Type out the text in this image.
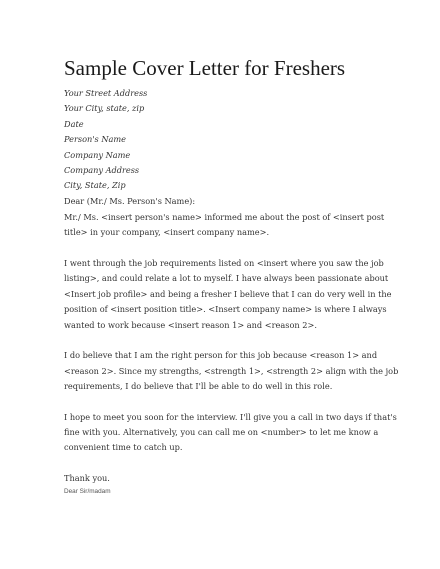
Sample Cover Letter for Freshers
Your Street Address
Your City, state, zip
Date
Person's Name
Company Name
Company Address
City, State, Zip
Dear (Mr./ Ms. Person's Name):

Mr./ Ms. <insert person's name> informed me about the post of <insert post
title> in your company, <insert company name>.

I went through the job requirements listed on <insert where you saw the job
listing>, and could relate a lot to myself. I have always been passionate about
<Insert job profile> and being a fresher I believe that I can do very well in the
position of <insert position title>. <Insert company name> is where I always
wanted to work because <insert reason 1> and <reason 2>.

I do believe that I am the right person for this job because <reason 1> and
<reason 2>. Since my strengths, <strength 1>, <strength 2> align with the job
requirements, I do believe that I'll be able to do well in this role.

I hope to meet you soon for the interview. I'll give you a call in two days if that's
fine with you. Alternatively, you can call me on <number> to let me know a
convenient time to catch up.

Thank you.

Dear Sir/madam
